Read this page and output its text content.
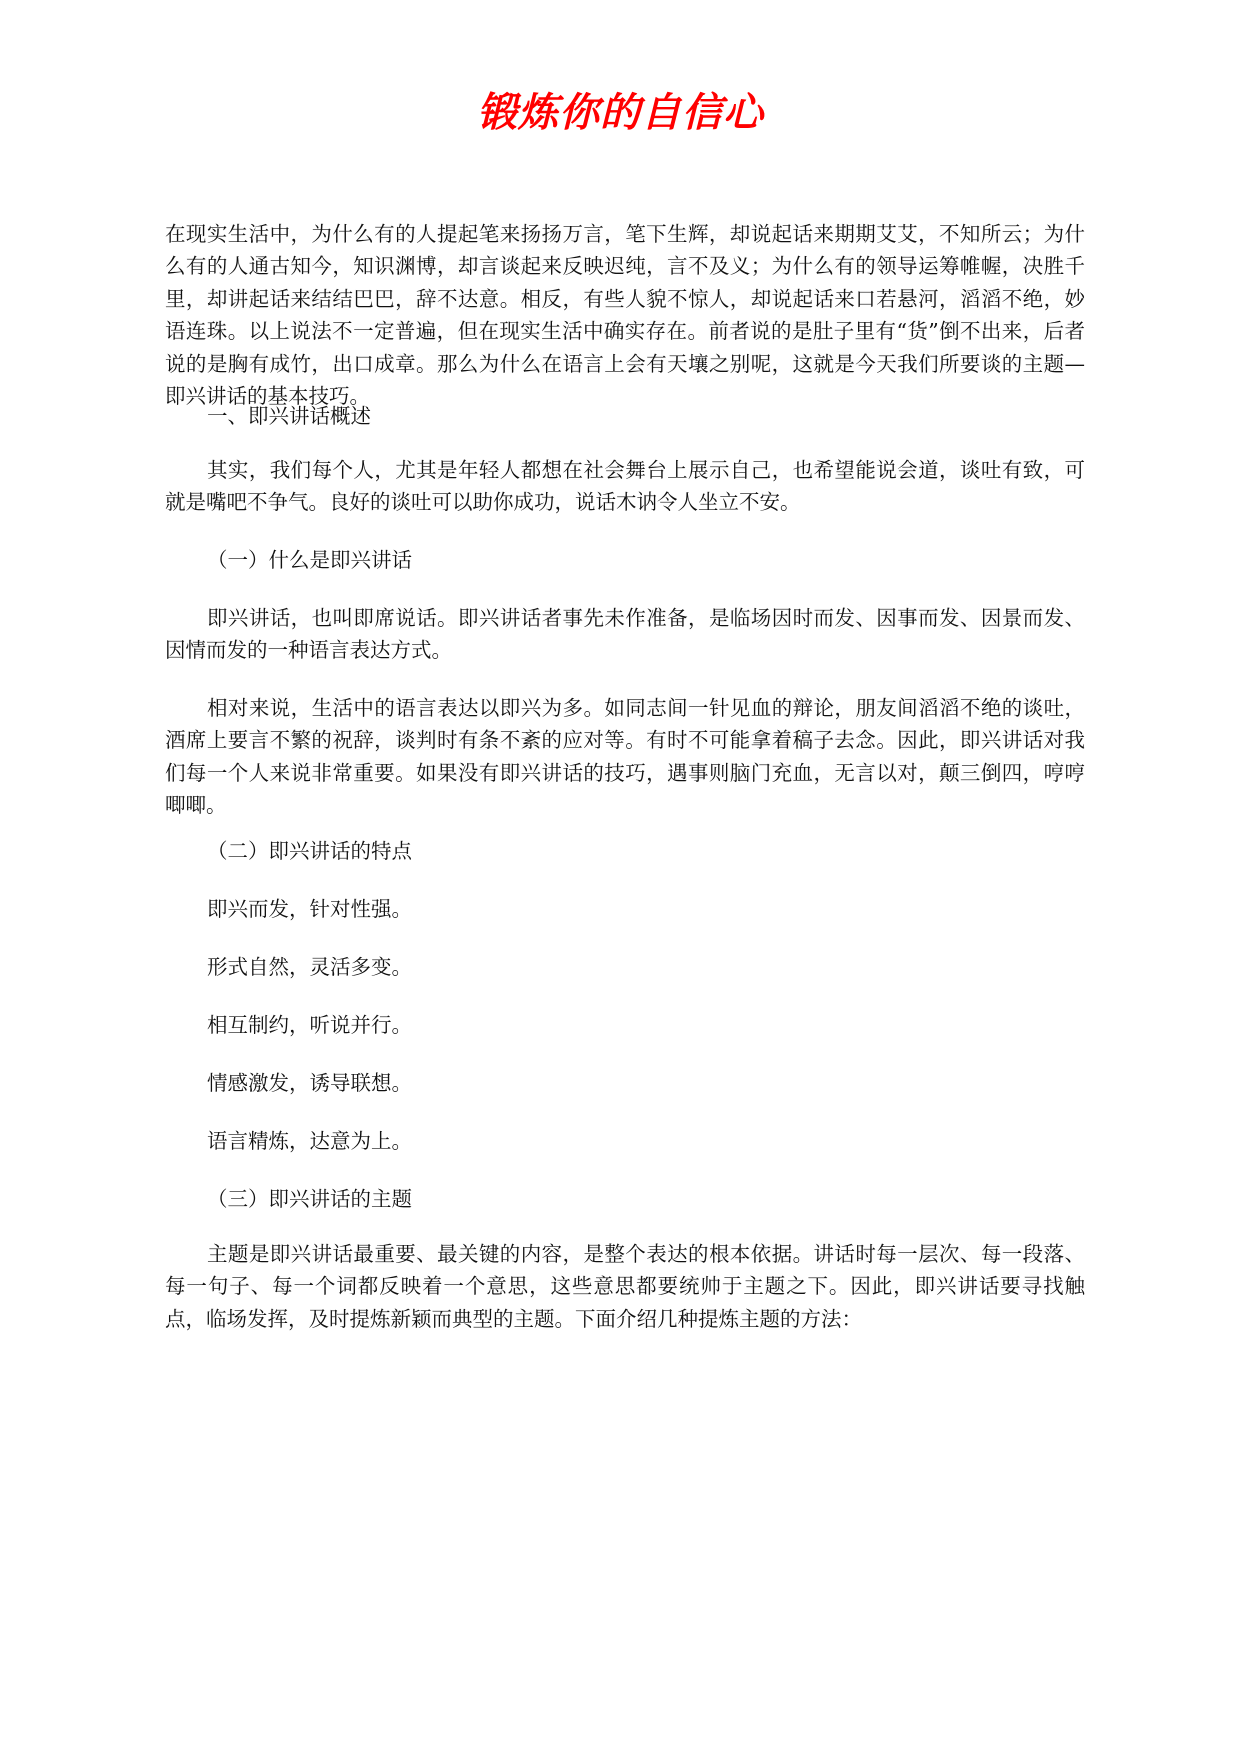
锻炼你的自信心

在现实生活中，为什么有的人提起笔来扬扬万言，笔下生辉，却说起话来期期艾艾，不知所云；为什么有的人通古知今，知识渊博，却言谈起来反映迟纯，言不及义；为什么有的领导运筹帷幄，决胜千里，却讲起话来结结巴巴，辞不达意。相反，有些人貌不惊人，却说起话来口若悬河，滔滔不绝，妙语连珠。以上说法不一定普遍，但在现实生活中确实存在。前者说的是肚子里有“货”倒不出来，后者说的是胸有成竹，出口成章。那么为什么在语言上会有天壤之别呢，这就是今天我们所要谈的主题—即兴讲话的基本技巧。

一、即兴讲话概述

其实，我们每个人，尤其是年轻人都想在社会舞台上展示自己，也希望能说会道，谈吐有致，可就是嘴吧不争气。良好的谈吐可以助你成功，说话木讷令人坐立不安。

（一）什么是即兴讲话

即兴讲话，也叫即席说话。即兴讲话者事先未作准备，是临场因时而发、因事而发、因景而发、因情而发的一种语言表达方式。

相对来说，生活中的语言表达以即兴为多。如同志间一针见血的辩论，朋友间滔滔不绝的谈吐，酒席上要言不繁的祝辞，谈判时有条不紊的应对等。有时不可能拿着稿子去念。因此，即兴讲话对我们每一个人来说非常重要。如果没有即兴讲话的技巧，遇事则脑门充血，无言以对，颠三倒四，哼哼唧唧。

（二）即兴讲话的特点

即兴而发，针对性强。

形式自然，灵活多变。

相互制约，听说并行。

情感激发，诱导联想。

语言精炼，达意为上。

（三）即兴讲话的主题

主题是即兴讲话最重要、最关键的内容，是整个表达的根本依据。讲话时每一层次、每一段落、每一句子、每一个词都反映着一个意思，这些意思都要统帅于主题之下。因此，即兴讲话要寻找触点，临场发挥，及时提炼新颖而典型的主题。下面介绍几种提炼主题的方法：
